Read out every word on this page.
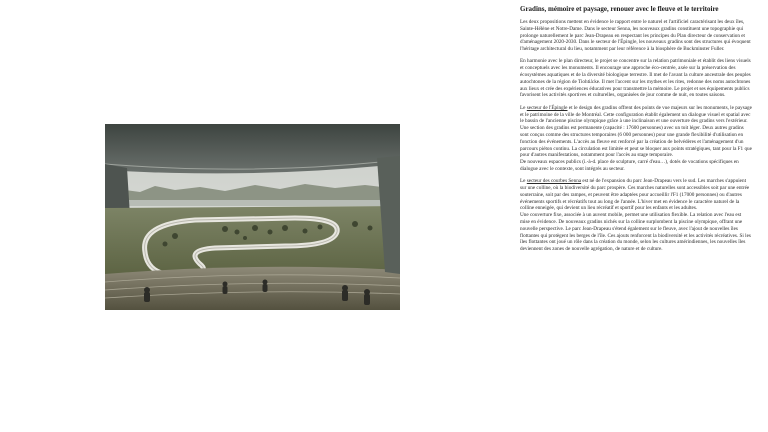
Gradins, mémoire et paysage, renouer avec le fleuve et le territoire

Les deux propositions mettent en évidence le rapport entre le naturel et l'artificiel caractérisant les deux îles, Sainte-Hélène et Notre-Dame. Dans le secteur Senna, les nouveaux gradins constituent une topographie qui prolonge naturellement le parc Jean-Drapeau en respectant les principes du Plan directeur de conservation et d'aménagement 2020-2030. Dans le secteur de l'Épingle, les nouveaux gradins sont des structures qui évoquent l'héritage architectural du lieu, notamment par leur référence à la biosphère de Buckminster Fuller.

En harmonie avec le plan directeur, le projet se concentre sur la relation patrimoniale et établit des liens visuels et conceptuels avec les monuments. Il encourage une approche éco-centrée, axée sur la préservation des écosystèmes aquatiques et de la diversité biologique terrestre. Il met de l'avant la culture ancestrale des peuples autochtones de la région de Tiohtià:ke. Il met l'accent sur les mythes et les rites, redonne des noms autochtones aux lieux et crée des expériences éducatives pour transmettre la mémoire. Le projet et ses équipements publics favorisent les activités sportives et culturelles, organisées de jour comme de nuit, en toutes saisons.

Le secteur de l'Épingle et le design des gradins offrent des points de vue majeurs sur les monuments, le paysage et le patrimoine de la ville de Montréal. Cette configuration établit également un dialogue visuel et spatial avec le bassin de l'ancienne piscine olympique grâce à une inclinaison et une ouverture des gradins vers l'extérieur.

Une section des gradins est permanente (capacité : 17600 personnes) avec un toit léger. Deux autres gradins sont conçus comme des structures temporaires (6 000 personnes) pour une grande flexibilité d'utilisation en fonction des événements. L'accès au fleuve est renforcé par la création de belvédères et l'aménagement d'un parcours piéton continu. La circulation est limitée et peut se bloquer aux points stratégiques, tant pour la F1 que pour d'autres manifestations, notamment pour l'accès au stage temporaire.

De nouveaux espaces publics (i.-à-d. place de sculpture, carré d'eau…), dotés de vocations spécifiques en dialogue avec le contexte, sont intégrés au secteur.

Le secteur des courbes Senna est né de l'expansion du parc Jean-Drapeau vers le sud. Les marches s'appuient sur une colline, où la biodiversité du parc prospère. Ces marches naturelles sont accessibles soit par une entrée souterraine, soit par des rampes, et peuvent être adaptées pour accueillir l'F1 (17000 personnes) ou d'autres événements sportifs et récréatifs tout au long de l'année. L'hiver met en évidence le caractère naturel de la colline enneigée, qui devient un lieu récréatif et sportif pour les enfants et les adultes.

Une couverture fixe, associée à un auvent mobile, permet une utilisation flexible. La relation avec l'eau est mise en évidence. De nouveaux gradins nichés sur la colline surplombent la piscine olympique, offrant une nouvelle perspective. Le parc Jean-Drapeau s'étend également sur le fleuve, avec l'ajout de nouvelles îles flottantes qui protègent les berges de l'île. Ces ajouts renforcent la biodiversité et les activités récréatives. Si les îles flottantes ont joué un rôle dans la création du monde, selon les cultures amérindiennes, les nouvelles îles deviennent des zones de nouvelle agrégation, de nature et de culture.
